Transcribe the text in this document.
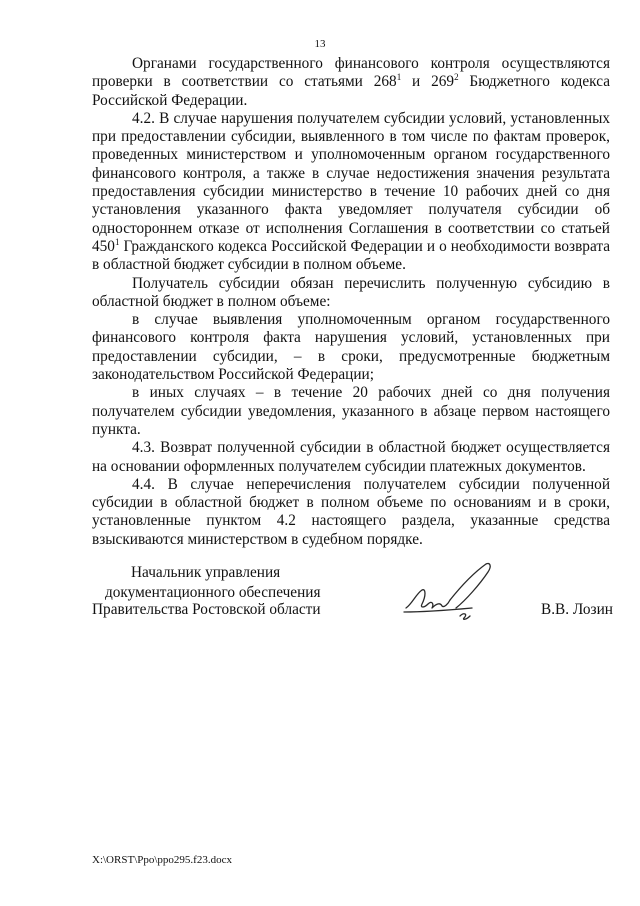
13

Органами государственного финансового контроля осуществляются проверки в соответствии со статьями $268^1$ и $269^2$ Бюджетного кодекса Российской Федерации.

4.2. В случае нарушения получателем субсидии условий, установленных при предоставлении субсидии, выявленного в том числе по фактам проверок, проведенных министерством и уполномоченным органом государственного финансового контроля, а также в случае недостижения значения результата предоставления субсидии министерство в течение 10 рабочих дней со дня установления указанного факта уведомляет получателя субсидии об одностороннем отказе от исполнения Соглашения в соответствии со статьей $450^1$ Гражданского кодекса Российской Федерации и о необходимости возврата в областной бюджет субсидии в полном объеме.

Получатель субсидии обязан перечислить полученную субсидию в областной бюджет в полном объеме:

в случае выявления уполномоченным органом государственного финансового контроля факта нарушения условий, установленных при предоставлении субсидии, – в сроки, предусмотренные бюджетным законодательством Российской Федерации;

в иных случаях – в течение 20 рабочих дней со дня получения получателем субсидии уведомления, указанного в абзаце первом настоящего пункта.

4.3. Возврат полученной субсидии в областной бюджет осуществляется на основании оформленных получателем субсидии платежных документов.

4.4. В случае неперечисления получателем субсидии полученной субсидии в областной бюджет в полном объеме по основаниям и в сроки, установленные пунктом 4.2 настоящего раздела, указанные средства взыскиваются министерством в судебном порядке.

Начальник управления
документационного обеспечения
Правительства Ростовской области	В.В. Лозин
X:\ORST\Ppo\ppo295.f23.docx
